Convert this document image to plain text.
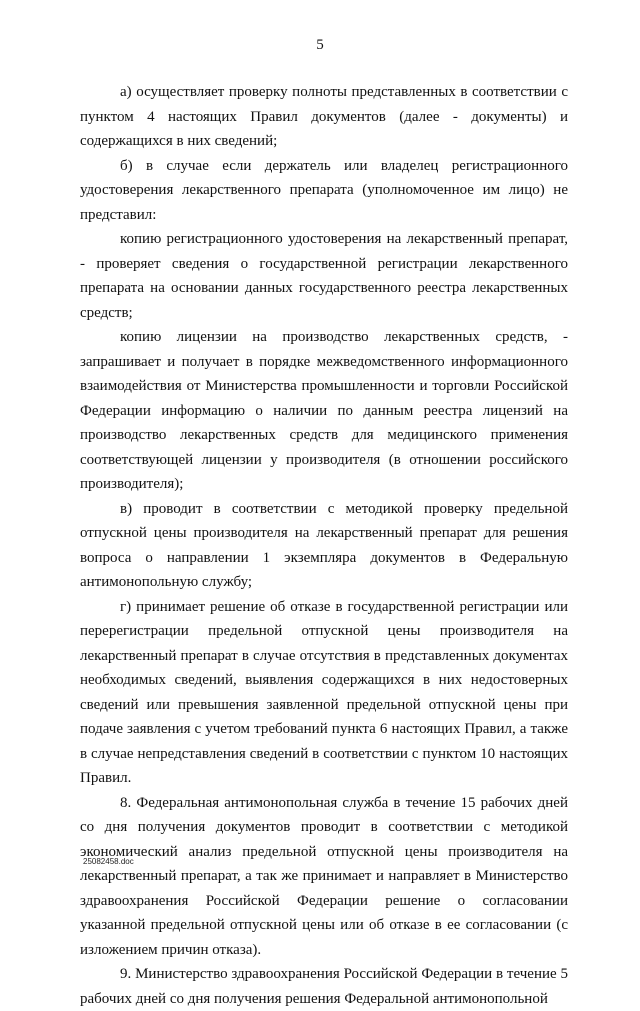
5

а) осуществляет проверку полноты представленных в соответствии с пунктом 4 настоящих Правил документов (далее - документы) и содержащихся в них сведений;

б) в случае если держатель или владелец регистрационного удостоверения лекарственного препарата (уполномоченное им лицо) не представил:

копию регистрационного удостоверения на лекарственный препарат, - проверяет сведения о государственной регистрации лекарственного препарата на основании данных государственного реестра лекарственных средств;

копию лицензии на производство лекарственных средств, - запрашивает и получает в порядке межведомственного информационного взаимодействия от Министерства промышленности и торговли Российской Федерации информацию о наличии по данным реестра лицензий на производство лекарственных средств для медицинского применения соответствующей лицензии у производителя (в отношении российского производителя);

в) проводит в соответствии с методикой проверку предельной отпускной цены производителя на лекарственный препарат для решения вопроса о направлении 1 экземпляра документов в Федеральную антимонопольную службу;

г) принимает решение об отказе в государственной регистрации или перерегистрации предельной отпускной цены производителя на лекарственный препарат в случае отсутствия в представленных документах необходимых сведений, выявления содержащихся в них недостоверных сведений или превышения заявленной предельной отпускной цены при подаче заявления с учетом требований пункта 6 настоящих Правил, а также в случае непредставления сведений в соответствии с пунктом 10 настоящих Правил.

8. Федеральная антимонопольная служба в течение 15 рабочих дней со дня получения документов проводит в соответствии с методикой экономический анализ предельной отпускной цены производителя на лекарственный препарат, а так же принимает и направляет в Министерство здравоохранения Российской Федерации решение о согласовании указанной предельной отпускной цены или об отказе в ее согласовании (с изложением причин отказа).

9. Министерство здравоохранения Российской Федерации в течение 5 рабочих дней со дня получения решения Федеральной антимонопольной

25082458.doc
